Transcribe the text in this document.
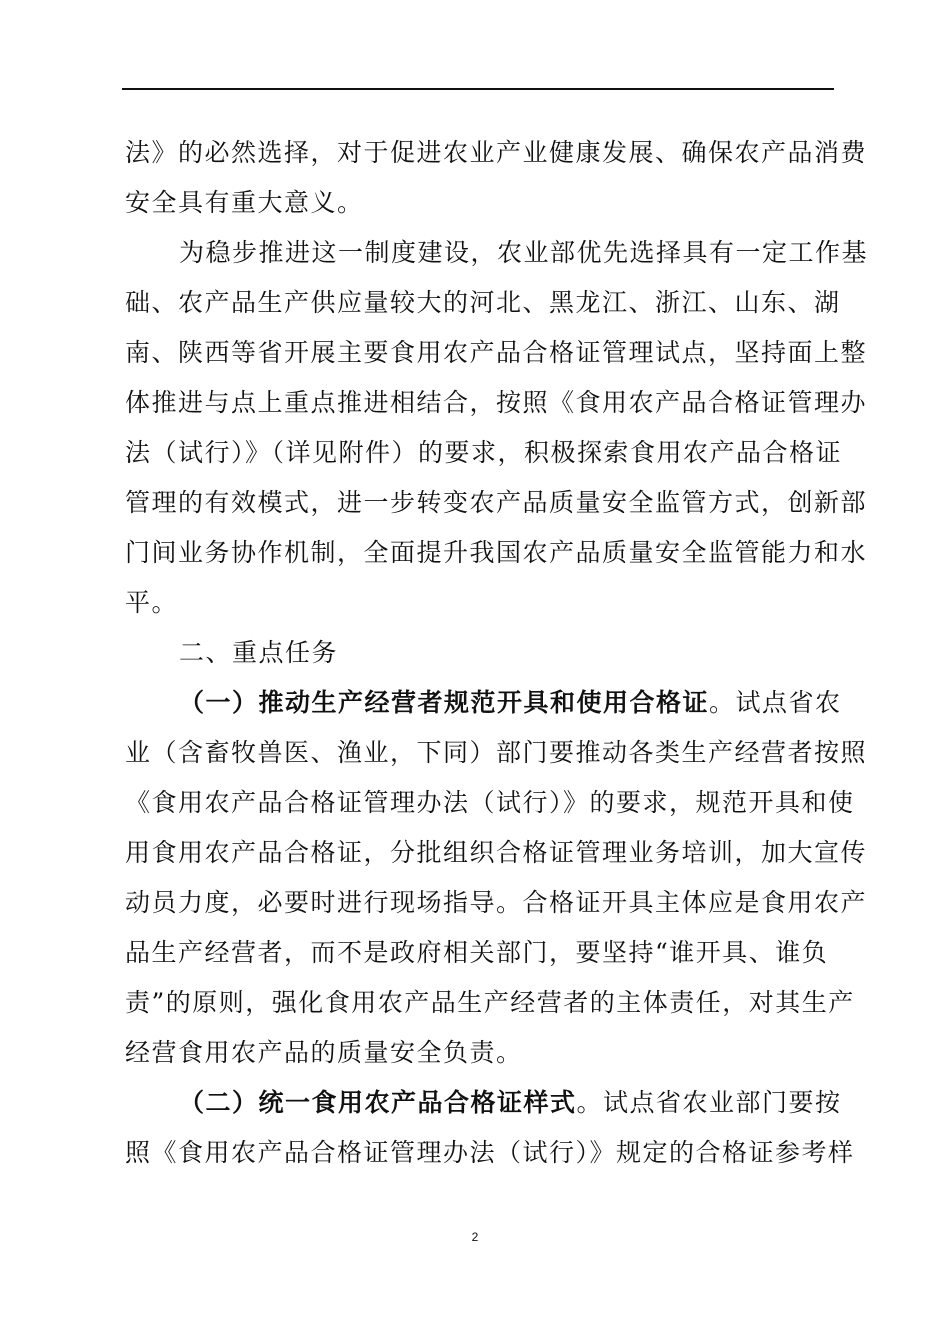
法》的必然选择，对于促进农业产业健康发展、确保农产品消费
安全具有重大意义。
为稳步推进这一制度建设，农业部优先选择具有一定工作基
础、农产品生产供应量较大的河北、黑龙江、浙江、山东、湖
南、陕西等省开展主要食用农产品合格证管理试点，坚持面上整
体推进与点上重点推进相结合，按照《食用农产品合格证管理办
法（试行）》（详见附件）的要求，积极探索食用农产品合格证
管理的有效模式，进一步转变农产品质量安全监管方式，创新部
门间业务协作机制，全面提升我国农产品质量安全监管能力和水
平。
二、重点任务
（一）推动生产经营者规范开具和使用合格证。试点省农
业（含畜牧兽医、渔业，下同）部门要推动各类生产经营者按照
《食用农产品合格证管理办法（试行）》的要求，规范开具和使
用食用农产品合格证，分批组织合格证管理业务培训，加大宣传
动员力度，必要时进行现场指导。合格证开具主体应是食用农产
品生产经营者，而不是政府相关部门，要坚持“谁开具、谁负
责”的原则，强化食用农产品生产经营者的主体责任，对其生产
经营食用农产品的质量安全负责。
（二）统一食用农产品合格证样式。试点省农业部门要按
照《食用农产品合格证管理办法（试行）》规定的合格证参考样
2
